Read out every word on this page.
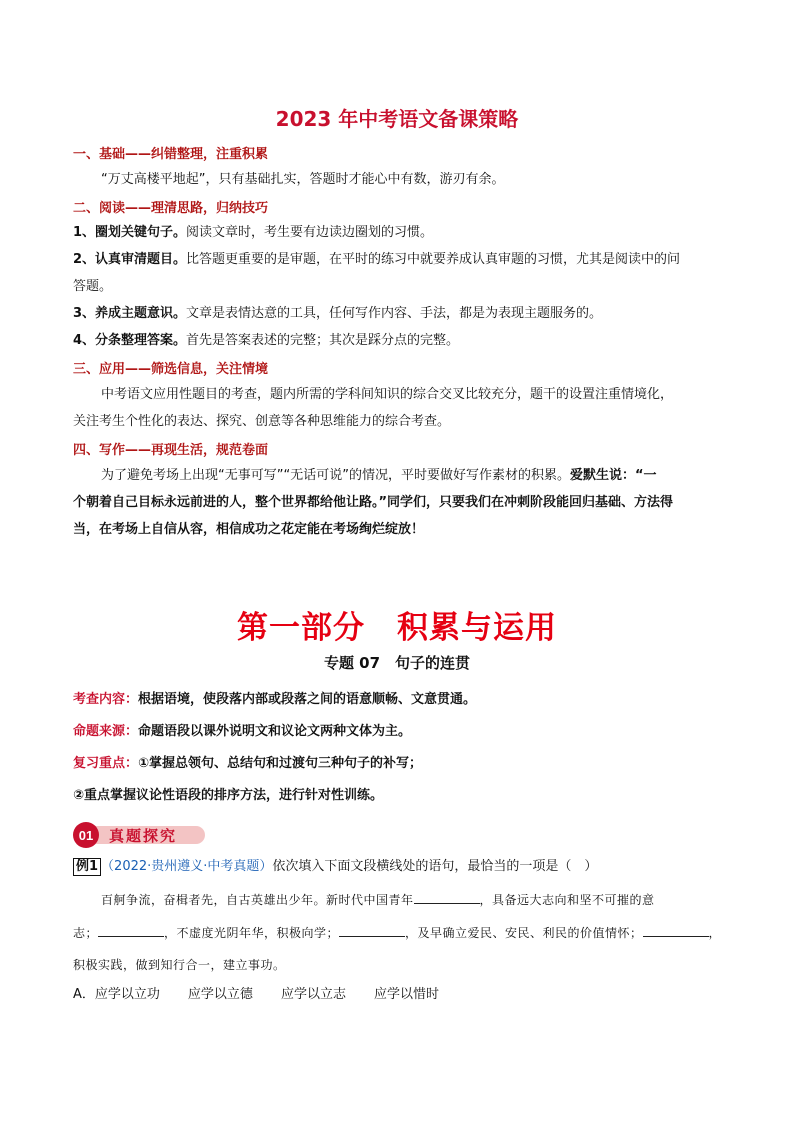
2023 年中考语文备课策略
一、基础——纠错整理，注重积累
“万丈高楼平地起”，只有基础扎实，答题时才能心中有数，游刃有余。
二、阅读——理清思路，归纳技巧
1、圈划关键句子。阅读文章时，考生要有边读边圈划的习惯。
2、认真审清题目。比答题更重要的是审题，在平时的练习中就要养成认真审题的习惯，尤其是阅读中的问
答题。
3、养成主题意识。文章是表情达意的工具，任何写作内容、手法，都是为表现主题服务的。
4、分条整理答案。首先是答案表述的完整；其次是踩分点的完整。
三、应用——筛选信息，关注情境
中考语文应用性题目的考查，题内所需的学科间知识的综合交叉比较充分，题干的设置注重情境化，
关注考生个性化的表达、探究、创意等各种思维能力的综合考查。
四、写作——再现生活，规范卷面
为了避免考场上出现“无事可写”“无话可说”的情况，平时要做好写作素材的积累。爱默生说：“一
个朝着自己目标永远前进的人，整个世界都给他让路。”同学们，只要我们在冲刺阶段能回归基础、方法得
当，在考场上自信从容，相信成功之花定能在考场绚烂绽放！
第一部分　积累与运用
专题 07　句子的连贯
考查内容：根据语境，使段落内部或段落之间的语意顺畅、文意贯通。
命题来源：命题语段以课外说明文和议论文两种文体为主。
复习重点：①掌握总领句、总结句和过渡句三种句子的补写；
②重点掌握议论性语段的排序方法，进行针对性训练。
01 真题探究
例1 （2022·贵州遵义·中考真题）依次填入下面文段横线处的语句，最恰当的一项是（　）
百舸争流，奋楫者先，自古英雄出少年。新时代中国青年	，具备远大志向和坚不可摧的意
志；	，不虚度光阴年华，积极向学；	，及早确立爱民、安民、利民的价值情怀；	，
积极实践，做到知行合一，建立事功。
A．应学以立功 应学以立德 应学以立志 应学以惜时
